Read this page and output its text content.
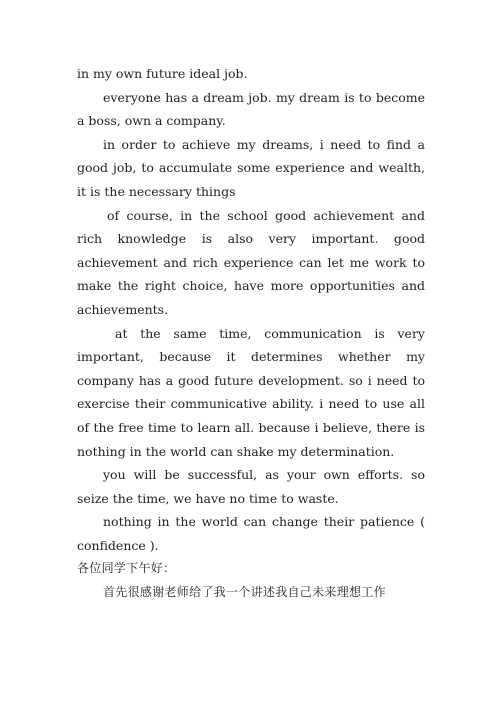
in my own future ideal job.

everyone has a dream job. my dream is to become a boss, own a company.

in order to achieve my dreams, i need to find a good job, to accumulate some experience and wealth, it is the necessary things

of course, in the school good achievement and rich knowledge is also very important. good achievement and rich experience can let me work to make the right choice, have more opportunities and achievements.

at the same time, communication is very important, because it determines whether my company has a good future development. so i need to exercise their communicative ability. i need to use all of the free time to learn all. because i believe, there is nothing in the world can shake my determination.

you will be successful, as your own efforts. so seize the time, we have no time to waste.

nothing in the world can change their patience ( confidence ).

各位同学下午好：

首先很感谢老师给了我一个讲述我自己未来理想工作
